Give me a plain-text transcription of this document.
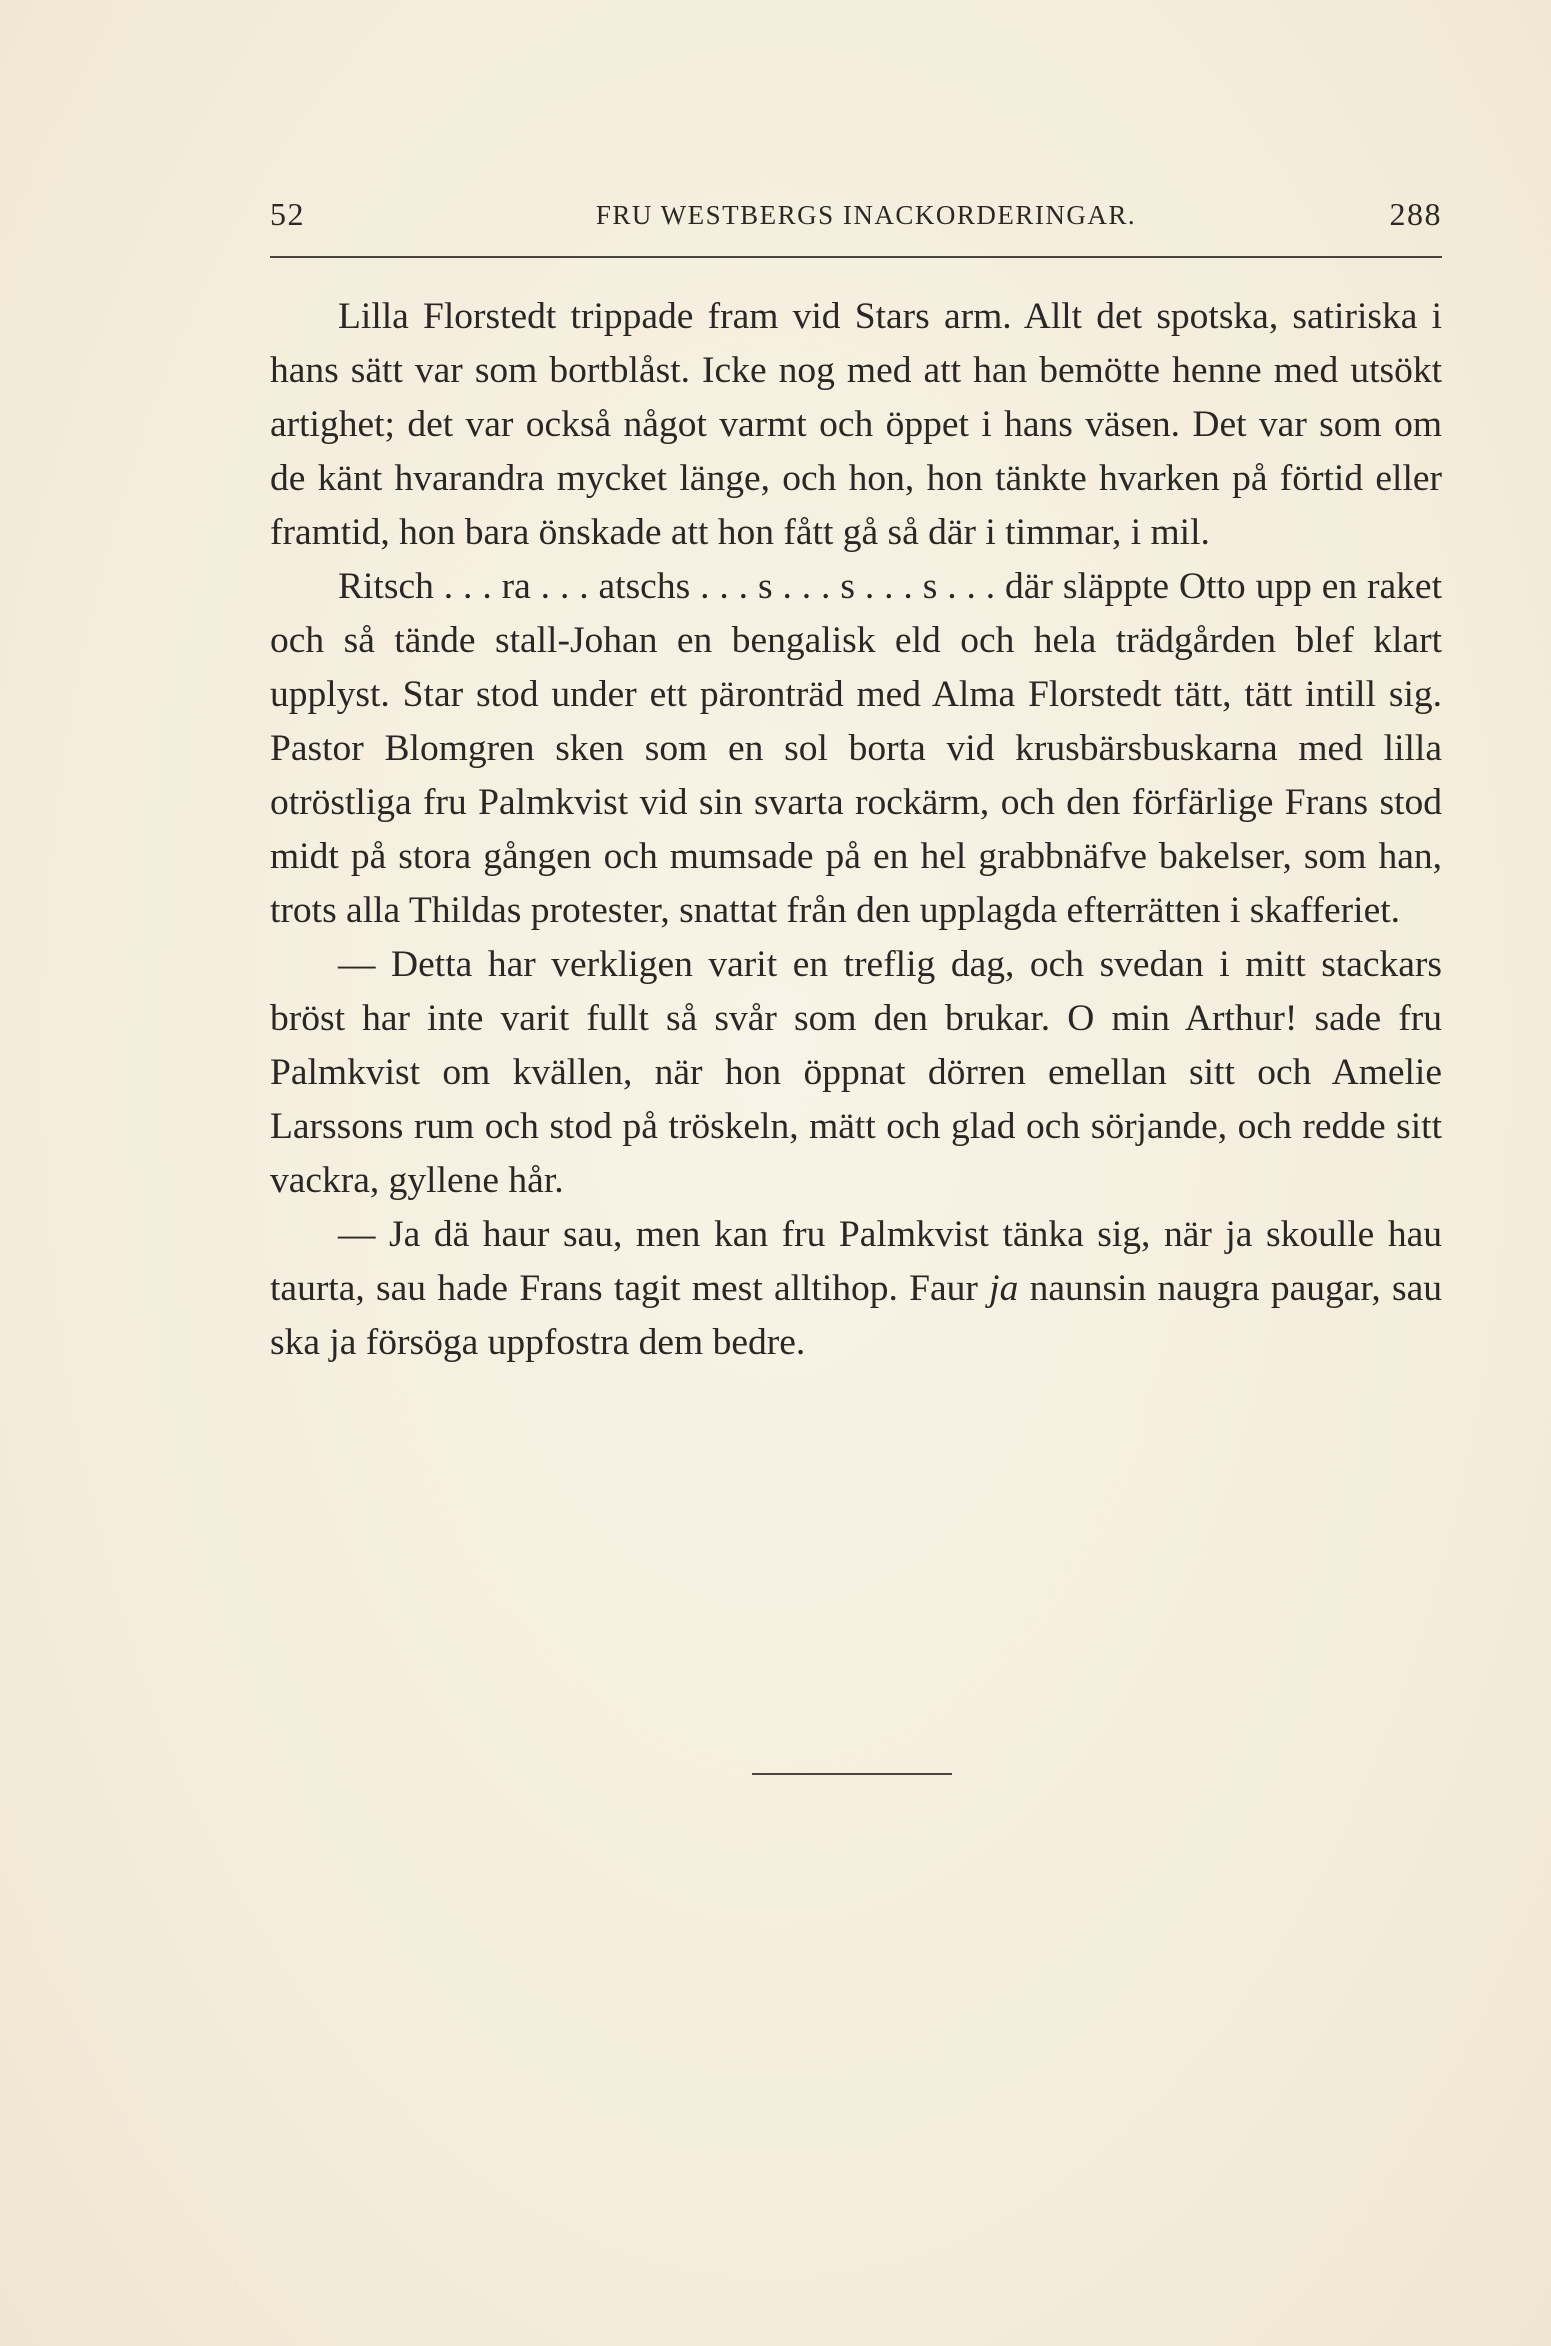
52	FRU WESTBERGS INACKORDERINGAR.	288

Lilla Florstedt trippade fram vid Stars arm. Allt det spotska, satiriska i hans sätt var som bortblåst. Icke nog med att han bemötte henne med utsökt artighet; det var också något varmt och öppet i hans väsen. Det var som om de känt hvarandra mycket länge, och hon, hon tänkte hvarken på förtid eller framtid, hon bara önskade att hon fått gå så där i timmar, i mil.

Ritsch . . . ra . . . atschs . . . s . . . s . . . s . . . där släppte Otto upp en raket och så tände stall-Johan en bengalisk eld och hela trädgården blef klart upplyst. Star stod under ett päronträd med Alma Florstedt tätt, tätt intill sig. Pastor Blomgren sken som en sol borta vid krusbärsbuskarna med lilla otröstliga fru Palmkvist vid sin svarta rockärm, och den förfärlige Frans stod midt på stora gången och mumsade på en hel grabbnäfve bakelser, som han, trots alla Thildas protester, snattat från den upplagda efterrätten i skafferiet.

— Detta har verkligen varit en treflig dag, och svedan i mitt stackars bröst har inte varit fullt så svår som den brukar. O min Arthur! sade fru Palmkvist om kvällen, när hon öppnat dörren emellan sitt och Amelie Larssons rum och stod på tröskeln, mätt och glad och sörjande, och redde sitt vackra, gyllene hår.

— Ja dä haur sau, men kan fru Palmkvist tänka sig, när ja skoulle hau taurta, sau hade Frans tagit mest alltihop. Faur ja naunsin naugra paugar, sau ska ja försöga uppfostra dem bedre.
